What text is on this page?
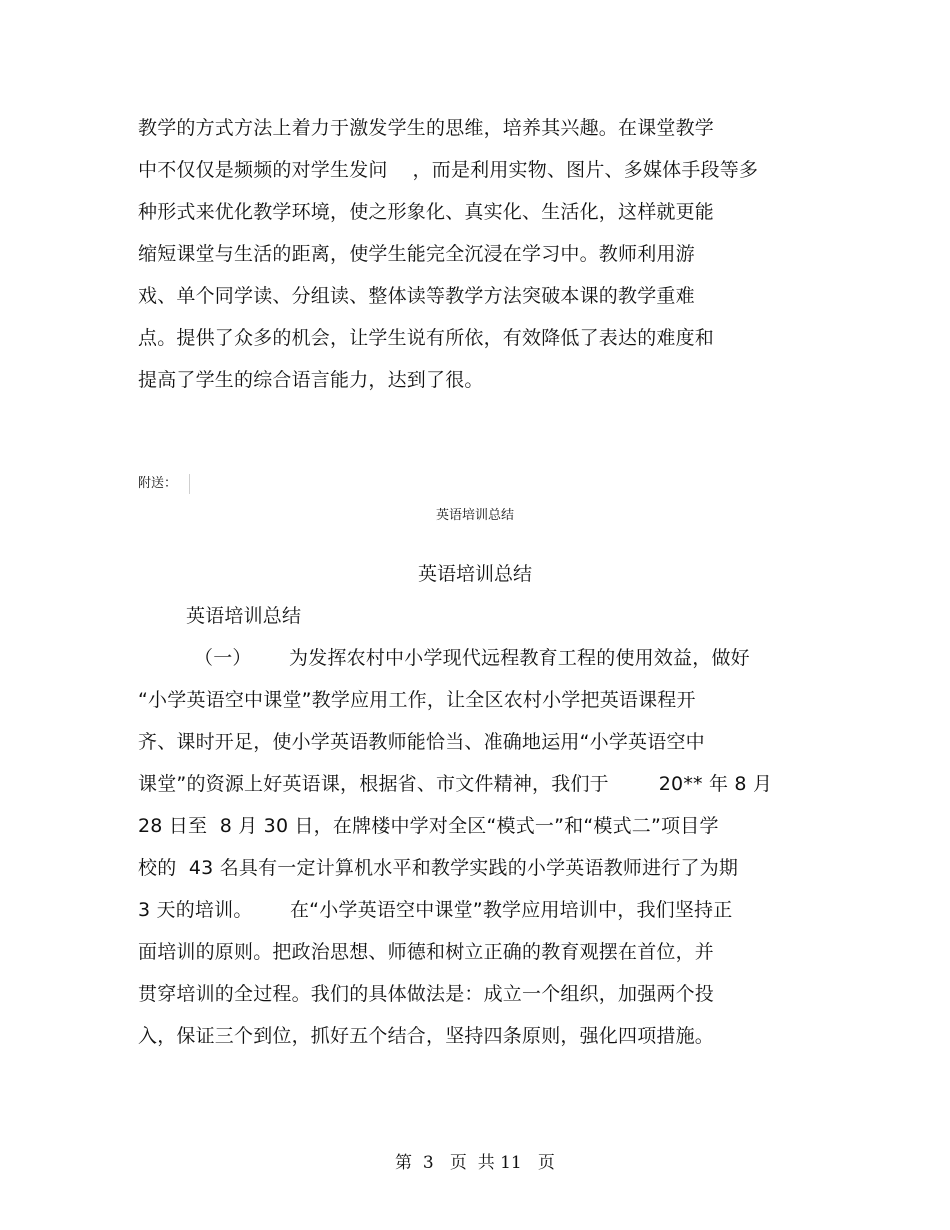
教学的方式方法上着力于激发学生的思维，培养其兴趣。在课堂教学
中不仅仅是频频的对学生发问    ，而是利用实物、图片、多媒体手段等多
种形式来优化教学环境，使之形象化、真实化、生活化，这样就更能
缩短课堂与生活的距离，使学生能完全沉浸在学习中。教师利用游
戏、单个同学读、分组读、整体读等教学方法突破本课的教学重难
点。提供了众多的机会，让学生说有所依，有效降低了表达的难度和
提高了学生的综合语言能力，达到了很。
附送：
英语培训总结
英语培训总结
英语培训总结
（一）      为发挥农村中小学现代远程教育工程的使用效益，做好
“小学英语空中课堂”教学应用工作，让全区农村小学把英语课程开
齐、课时开足，使小学英语教师能恰当、准确地运用“小学英语空中
课堂”的资源上好英语课，根据省、市文件精神，我们于        20** 年 8 月
28 日至  8 月 30 日，在牌楼中学对全区“模式一”和“模式二”项目学
校的  43 名具有一定计算机水平和教学实践的小学英语教师进行了为期
3 天的培训。      在“小学英语空中课堂”教学应用培训中，我们坚持正
面培训的原则。把政治思想、师德和树立正确的教育观摆在首位，并
贯穿培训的全过程。我们的具体做法是：成立一个组织，加强两个投
入，保证三个到位，抓好五个结合，坚持四条原则，强化四项措施。
第  3   页  共 11   页
